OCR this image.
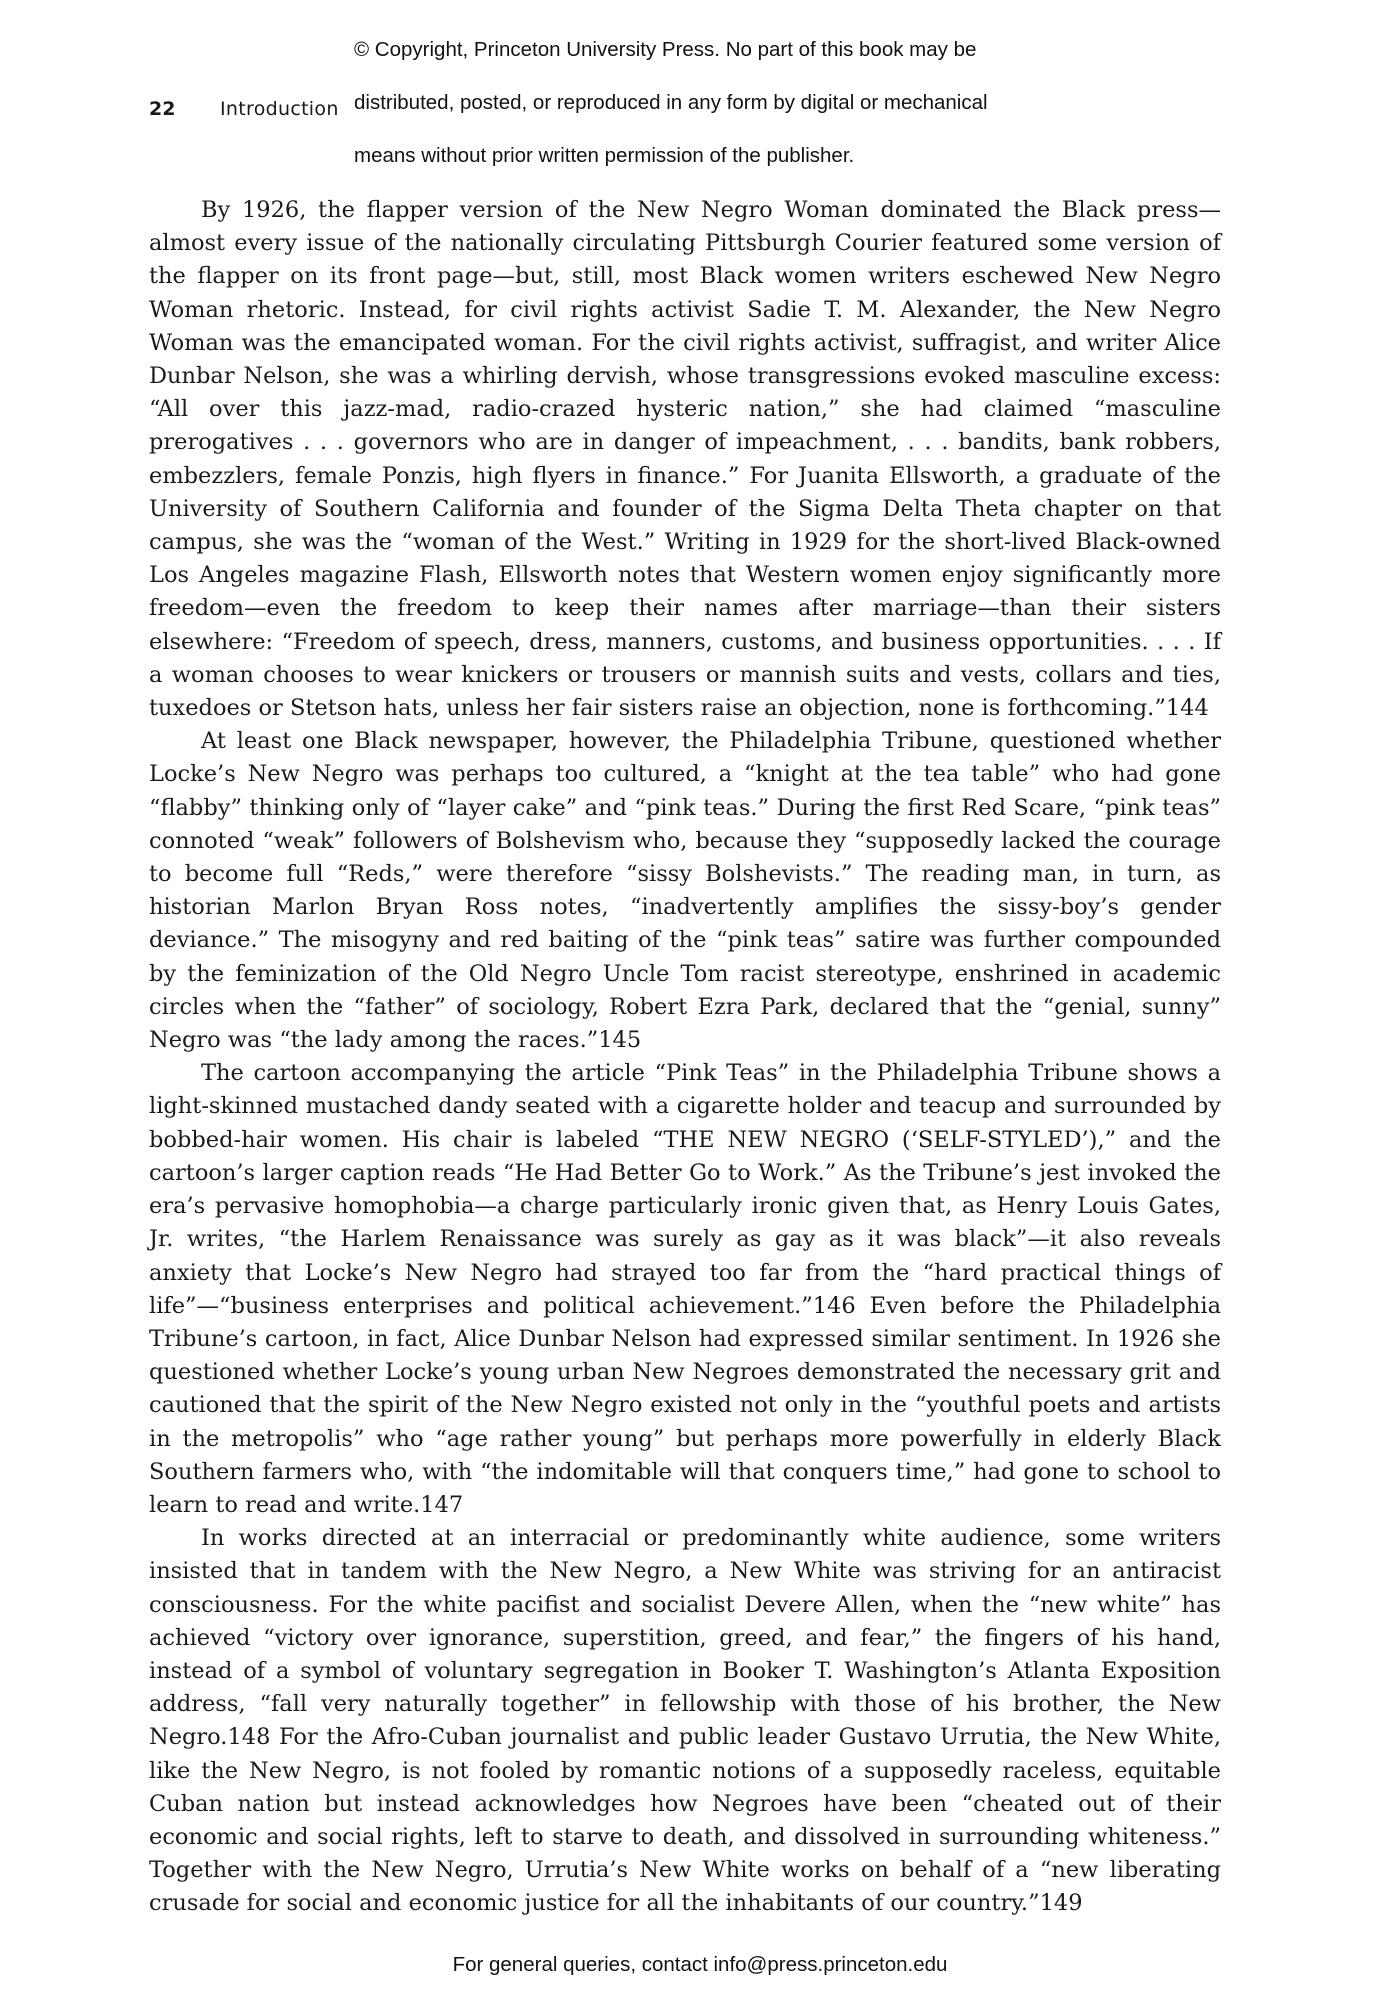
© Copyright, Princeton University Press. No part of this book may be

distributed, posted, or reproduced in any form by digital or mechanical

means without prior written permission of the publisher.

22 Introduction

By 1926, the flapper version of the New Negro Woman dominated the Black press—almost every issue of the nationally circulating Pittsburgh Courier featured some version of the flapper on its front page—but, still, most Black women writers eschewed New Negro Woman rhetoric. Instead, for civil rights activist Sadie T. M. Alexander, the New Negro Woman was the emancipated woman. For the civil rights activist, suffragist, and writer Alice Dunbar Nelson, she was a whirling dervish, whose transgressions evoked masculine excess: “All over this jazz-mad, radio-crazed hysteric nation,” she had claimed “masculine prerogatives . . . governors who are in danger of impeachment, . . . bandits, bank robbers, embezzlers, female Ponzis, high flyers in finance.” For Juanita Ellsworth, a graduate of the University of Southern California and founder of the Sigma Delta Theta chapter on that campus, she was the “woman of the West.” Writing in 1929 for the short-lived Black-owned Los Angeles magazine Flash, Ellsworth notes that Western women enjoy significantly more freedom—even the freedom to keep their names after marriage—than their sisters elsewhere: “Freedom of speech, dress, manners, customs, and business opportunities. . . . If a woman chooses to wear knickers or trousers or mannish suits and vests, collars and ties, tuxedoes or Stetson hats, unless her fair sisters raise an objection, none is forthcoming.”144

At least one Black newspaper, however, the Philadelphia Tribune, questioned whether Locke’s New Negro was perhaps too cultured, a “knight at the tea table” who had gone “flabby” thinking only of “layer cake” and “pink teas.” During the first Red Scare, “pink teas” connoted “weak” followers of Bolshevism who, because they “supposedly lacked the courage to become full “Reds,” were therefore “sissy Bolshevists.” The reading man, in turn, as historian Marlon Bryan Ross notes, “inadvertently amplifies the sissy-boy’s gender deviance.” The misogyny and red baiting of the “pink teas” satire was further compounded by the feminization of the Old Negro Uncle Tom racist stereotype, enshrined in academic circles when the “father” of sociology, Robert Ezra Park, declared that the “genial, sunny” Negro was “the lady among the races.”145

The cartoon accompanying the article “Pink Teas” in the Philadelphia Tribune shows a light-skinned mustached dandy seated with a cigarette holder and teacup and surrounded by bobbed-hair women. His chair is labeled “THE NEW NEGRO (‘SELF-STYLED’),” and the cartoon’s larger caption reads “He Had Better Go to Work.” As the Tribune’s jest invoked the era’s pervasive homophobia—a charge particularly ironic given that, as Henry Louis Gates, Jr. writes, “the Harlem Renaissance was surely as gay as it was black”—it also reveals anxiety that Locke’s New Negro had strayed too far from the “hard practical things of life”—“business enterprises and political achievement.”146 Even before the Philadelphia Tribune’s cartoon, in fact, Alice Dunbar Nelson had expressed similar sentiment. In 1926 she questioned whether Locke’s young urban New Negroes demonstrated the necessary grit and cautioned that the spirit of the New Negro existed not only in the “youthful poets and artists in the metropolis” who “age rather young” but perhaps more powerfully in elderly Black Southern farmers who, with “the indomitable will that conquers time,” had gone to school to learn to read and write.147

In works directed at an interracial or predominantly white audience, some writers insisted that in tandem with the New Negro, a New White was striving for an antiracist consciousness. For the white pacifist and socialist Devere Allen, when the “new white” has achieved “victory over ignorance, superstition, greed, and fear,” the fingers of his hand, instead of a symbol of voluntary segregation in Booker T. Washington’s Atlanta Exposition address, “fall very naturally together” in fellowship with those of his brother, the New Negro.148 For the Afro-Cuban journalist and public leader Gustavo Urrutia, the New White, like the New Negro, is not fooled by romantic notions of a supposedly raceless, equitable Cuban nation but instead acknowledges how Negroes have been “cheated out of their economic and social rights, left to starve to death, and dissolved in surrounding whiteness.” Together with the New Negro, Urrutia’s New White works on behalf of a “new liberating crusade for social and economic justice for all the inhabitants of our country.”149

For general queries, contact info@press.princeton.edu
